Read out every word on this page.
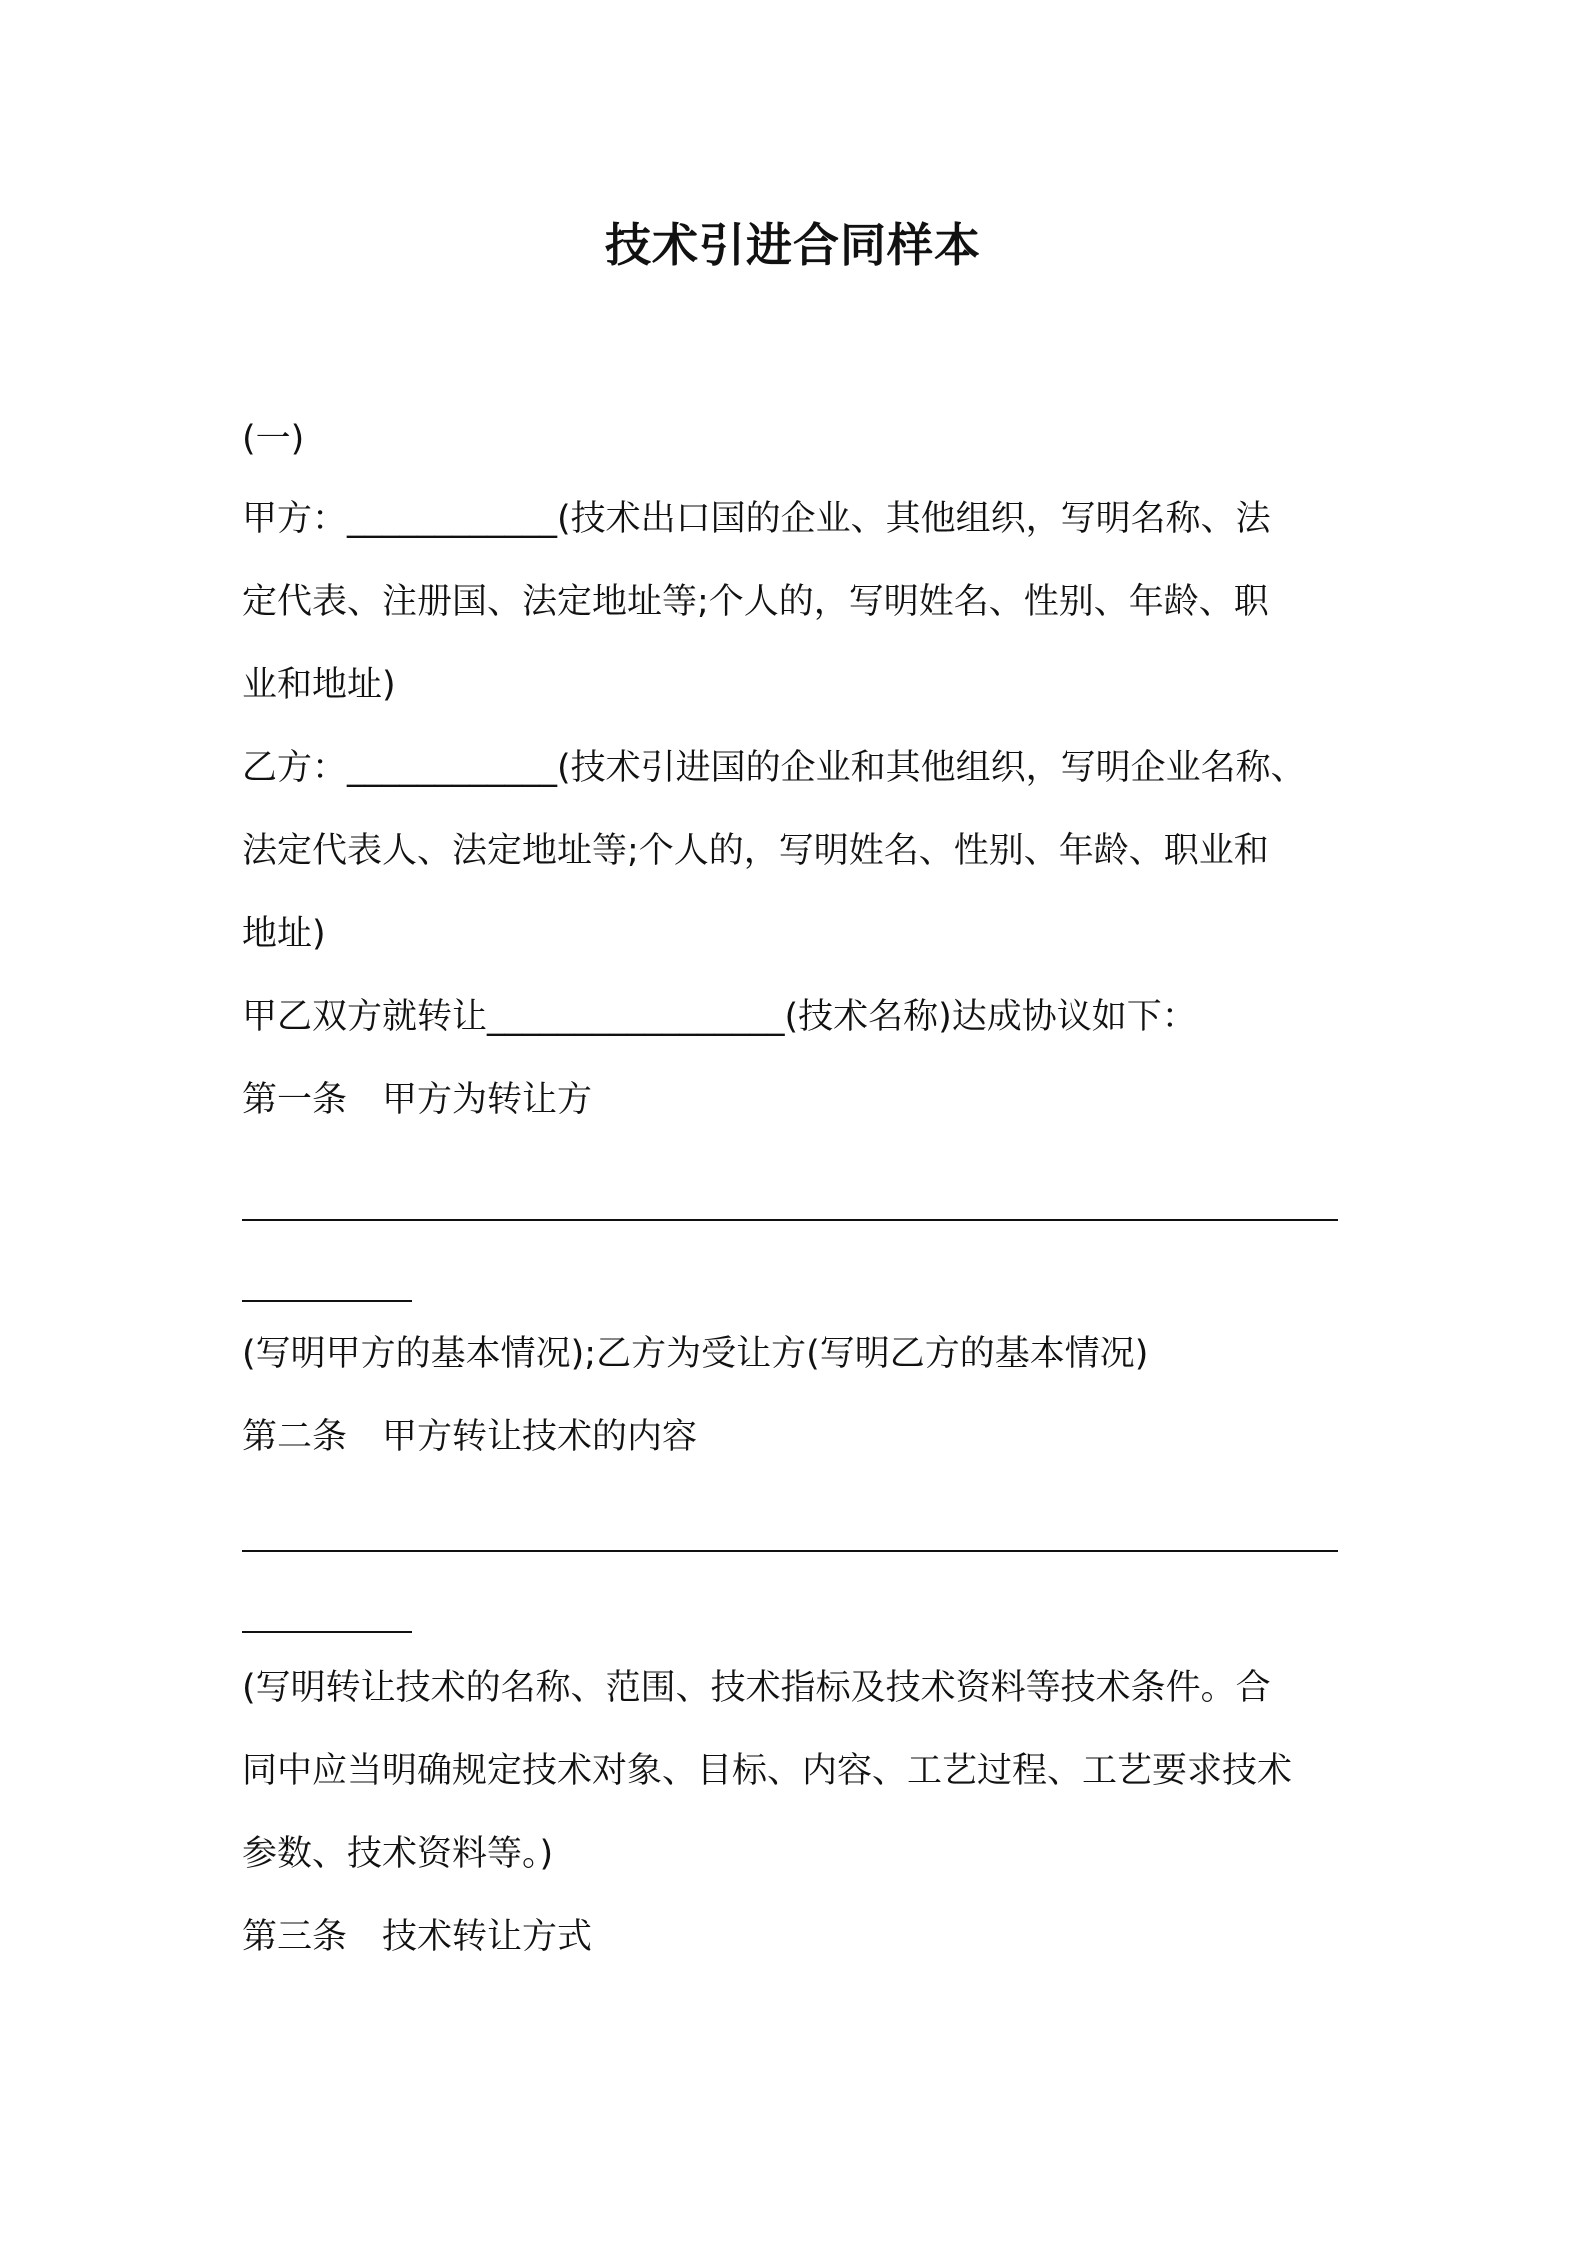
技术引进合同样本
(一)
甲方：____________(技术出口国的企业、其他组织，写明名称、法
定代表、注册国、法定地址等;个人的，写明姓名、性别、年龄、职
业和地址)
乙方：____________(技术引进国的企业和其他组织，写明企业名称、
法定代表人、法定地址等;个人的，写明姓名、性别、年龄、职业和
地址)
甲乙双方就转让_________________(技术名称)达成协议如下：
第一条　甲方为转让方
(写明甲方的基本情况);乙方为受让方(写明乙方的基本情况)
第二条　甲方转让技术的内容
(写明转让技术的名称、范围、技术指标及技术资料等技术条件。合
同中应当明确规定技术对象、目标、内容、工艺过程、工艺要求技术
参数、技术资料等。)
第三条　技术转让方式
